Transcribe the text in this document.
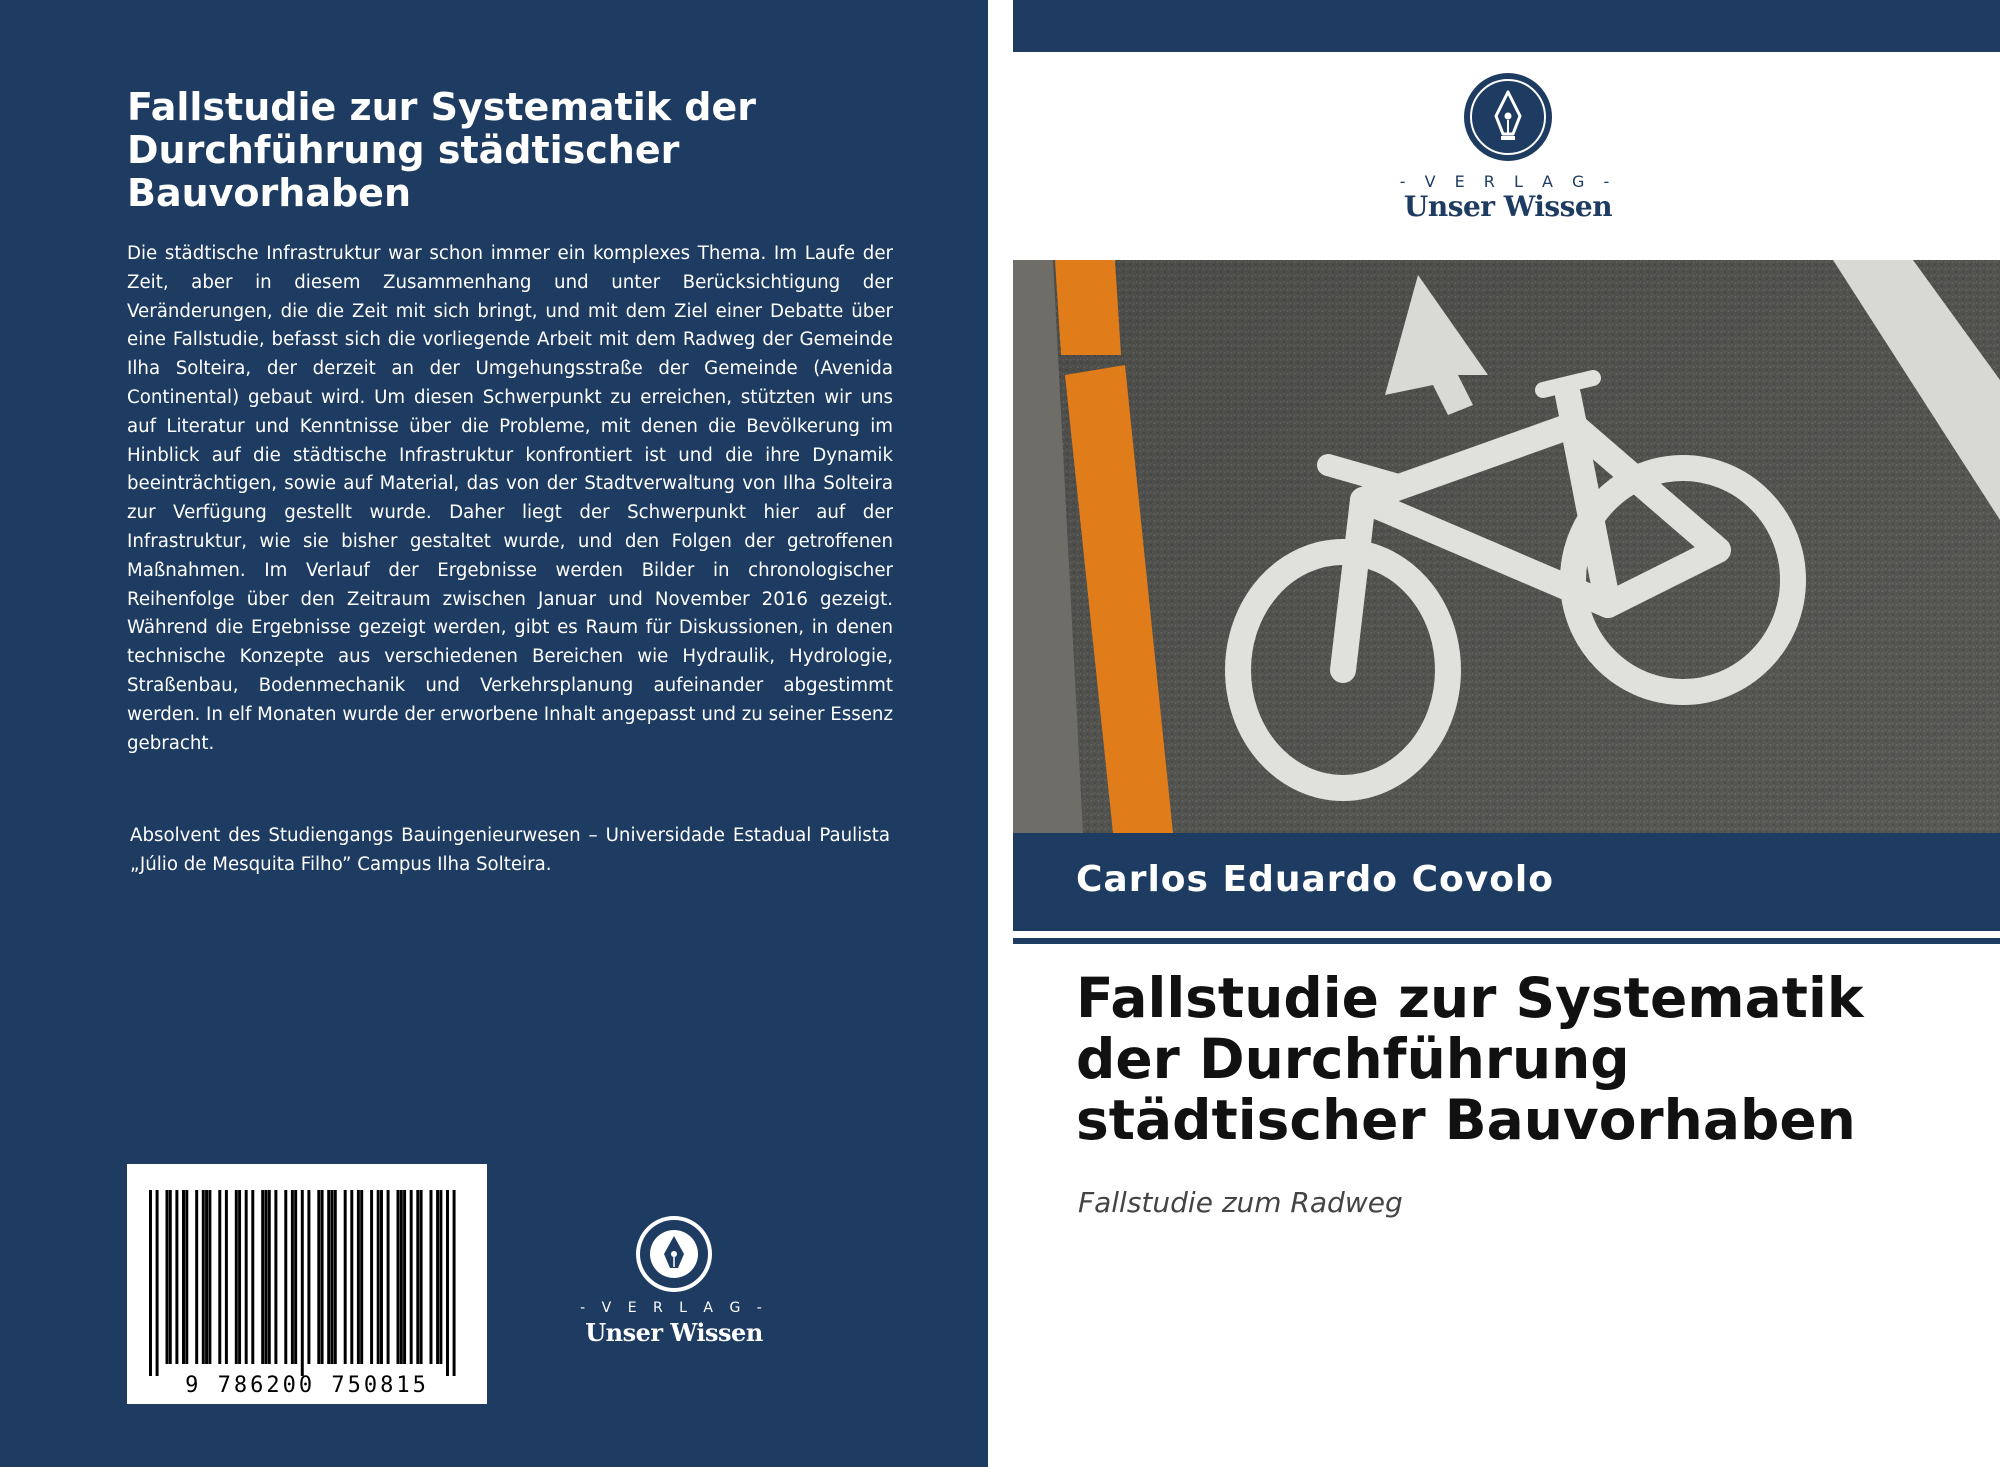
Fallstudie zur Systematik der Durchführung städtischer Bauvorhaben

Die städtische Infrastruktur war schon immer ein komplexes Thema. Im Laufe der Zeit, aber in diesem Zusammenhang und unter Berücksichtigung der Veränderungen, die die Zeit mit sich bringt, und mit dem Ziel einer Debatte über eine Fallstudie, befasst sich die vorliegende Arbeit mit dem Radweg der Gemeinde Ilha Solteira, der derzeit an der Umgehungsstraße der Gemeinde (Avenida Continental) gebaut wird. Um diesen Schwerpunkt zu erreichen, stützten wir uns auf Literatur und Kenntnisse über die Probleme, mit denen die Bevölkerung im Hinblick auf die städtische Infrastruktur konfrontiert ist und die ihre Dynamik beeinträchtigen, sowie auf Material, das von der Stadtverwaltung von Ilha Solteira zur Verfügung gestellt wurde. Daher liegt der Schwerpunkt hier auf der Infrastruktur, wie sie bisher gestaltet wurde, und den Folgen der getroffenen Maßnahmen. Im Verlauf der Ergebnisse werden Bilder in chronologischer Reihenfolge über den Zeitraum zwischen Januar und November 2016 gezeigt. Während die Ergebnisse gezeigt werden, gibt es Raum für Diskussionen, in denen technische Konzepte aus verschiedenen Bereichen wie Hydraulik, Hydrologie, Straßenbau, Bodenmechanik und Verkehrsplanung aufeinander abgestimmt werden. In elf Monaten wurde der erworbene Inhalt angepasst und zu seiner Essenz gebracht.

Absolvent des Studiengangs Bauingenieurwesen – Universidade Estadual Paulista „Júlio de Mesquita Filho” Campus Ilha Solteira.

9 786200 750815
- V E R L A G -
Unser Wissen
- V E R L A G -
Unser Wissen

Carlos Eduardo Covolo

Fallstudie zur Systematik der Durchführung städtischer Bauvorhaben

Fallstudie zum Radweg
